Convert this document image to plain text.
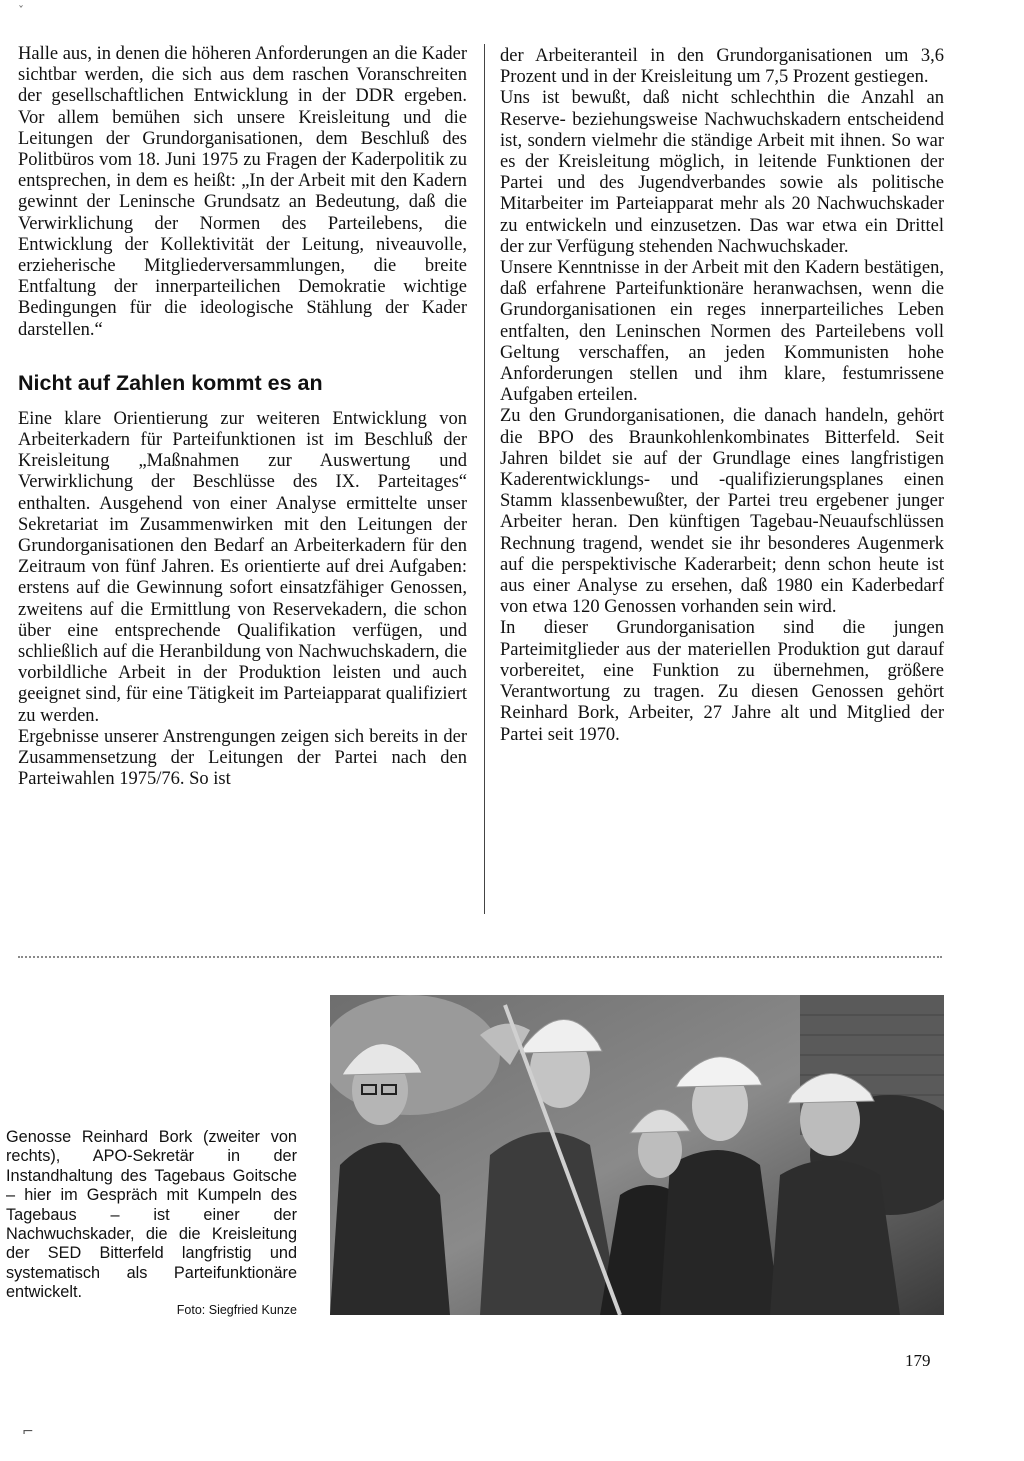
ˇ

Halle aus, in denen die höheren Anforderungen an die Kader sichtbar werden, die sich aus dem raschen Voranschreiten der gesellschaftlichen Entwicklung in der DDR ergeben. Vor allem bemühen sich unsere Kreisleitung und die Leitungen der Grundorganisationen, dem Beschluß des Politbüros vom 18. Juni 1975 zu Fragen der Kaderpolitik zu entsprechen, in dem es heißt: „In der Arbeit mit den Kadern gewinnt der Leninsche Grundsatz an Bedeutung, daß die Verwirklichung der Normen des Parteilebens, die Entwicklung der Kollektivität der Leitung, niveauvolle, erzieherische Mitgliederversammlungen, die breite Entfaltung der innerparteilichen Demokratie wichtige Bedingungen für die ideologische Stählung der Kader darstellen.“

Nicht auf Zahlen kommt es an

Eine klare Orientierung zur weiteren Entwicklung von Arbeiterkadern für Parteifunktionen ist im Beschluß der Kreisleitung „Maßnahmen zur Auswertung und Verwirklichung der Beschlüsse des IX. Parteitages“ enthalten. Ausgehend von einer Analyse ermittelte unser Sekretariat im Zusammenwirken mit den Leitungen der Grundorganisationen den Bedarf an Arbeiterkadern für den Zeitraum von fünf Jahren. Es orientierte auf drei Aufgaben: erstens auf die Gewinnung sofort einsatzfähiger Genossen, zweitens auf die Ermittlung von Reservekadern, die schon über eine entsprechende Qualifikation verfügen, und schließlich auf die Heranbildung von Nachwuchskadern, die vorbildliche Arbeit in der Produktion leisten und auch geeignet sind, für eine Tätigkeit im Parteiapparat qualifiziert zu werden.

Ergebnisse unserer Anstrengungen zeigen sich bereits in der Zusammensetzung der Leitungen der Partei nach den Parteiwahlen 1975/76. So ist

der Arbeiteranteil in den Grundorganisationen um 3,6 Prozent und in der Kreisleitung um 7,5 Prozent gestiegen.

Uns ist bewußt, daß nicht schlechthin die Anzahl an Reserve- beziehungsweise Nachwuchskadern entscheidend ist, sondern vielmehr die ständige Arbeit mit ihnen. So war es der Kreisleitung möglich, in leitende Funktionen der Partei und des Jugendverbandes sowie als politische Mitarbeiter im Parteiapparat mehr als 20 Nachwuchskader zu entwickeln und einzusetzen. Das war etwa ein Drittel der zur Verfügung stehenden Nachwuchskader.

Unsere Kenntnisse in der Arbeit mit den Kadern bestätigen, daß erfahrene Parteifunktionäre heranwachsen, wenn die Grundorganisationen ein reges innerparteiliches Leben entfalten, den Leninschen Normen des Parteilebens voll Geltung verschaffen, an jeden Kommunisten hohe Anforderungen stellen und ihm klare, festumrissene Aufgaben erteilen.

Zu den Grundorganisationen, die danach handeln, gehört die BPO des Braunkohlenkombinates Bitterfeld. Seit Jahren bildet sie auf der Grundlage eines langfristigen Kaderentwicklungs- und -qualifizierungsplanes einen Stamm klassenbewußter, der Partei treu ergebener junger Arbeiter heran. Den künftigen Tagebau-Neuaufschlüssen Rechnung tragend, wendet sie ihr besonderes Augenmerk auf die perspektivische Kaderarbeit; denn schon heute ist aus einer Analyse zu ersehen, daß 1980 ein Kaderbedarf von etwa 120 Genossen vorhanden sein wird.

In dieser Grundorganisation sind die jungen Parteimitglieder aus der materiellen Produktion gut darauf vorbereitet, eine Funktion zu übernehmen, größere Verantwortung zu tragen. Zu diesen Genossen gehört Reinhard Bork, Arbeiter, 27 Jahre alt und Mitglied der Partei seit 1970.

Genosse Reinhard Bork (zweiter von rechts), APO-Sekretär in der Instandhaltung des Tagebaus Goitsche – hier im Gespräch mit Kumpeln des Tagebaus – ist einer der Nachwuchskader, die die Kreisleitung der SED Bitterfeld langfristig und systematisch als Parteifunktionäre entwickelt.
Foto: Siegfried Kunze
179
⌐
